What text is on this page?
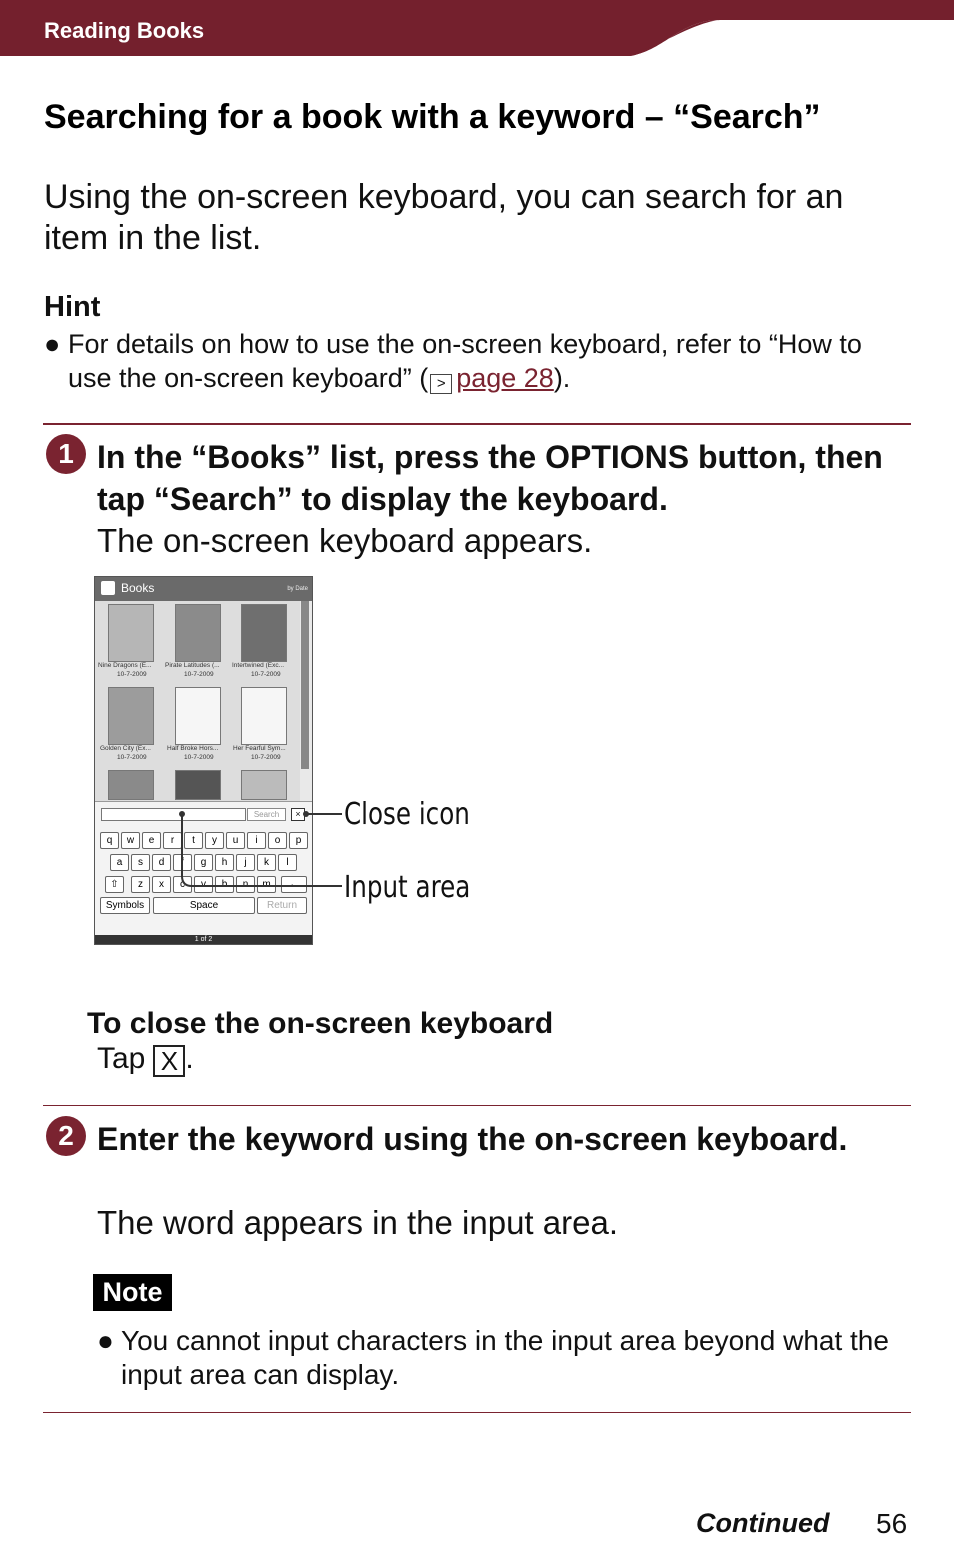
Reading Books
Searching for a book with a keyword – “Search”
Using the on-screen keyboard, you can search for an item in the list.
Hint
● For details on how to use the on-screen keyboard, refer to “How to use the on-screen keyboard” ( > page 28).
1 In the “Books” list, press the OPTIONS button, then tap “Search” to display the keyboard.
The on-screen keyboard appears.
Books	by Date
Nine Dragons (E... Pirate Latitudes (... Intertwined (Exc...
10-7-2009	10-7-2009	10-7-2009
Golden City (Ex... Half Broke Hors... Her Fearful Sym...
10-7-2009	10-7-2009	10-7-2009
Search	×
q	w	e	r	t	y	u	i	o	p
a	s	d	f	g	h	j	k	l
z	x	c	v	b	n	m
⇧	←
Symbols	Space	Return
1 of 2
Close icon
Input area
To close the on-screen keyboard
Tap X .
2 Enter the keyword using the on-screen keyboard.
The word appears in the input area.
Note
● You cannot input characters in the input area beyond what the input area can display.
Continued 56
